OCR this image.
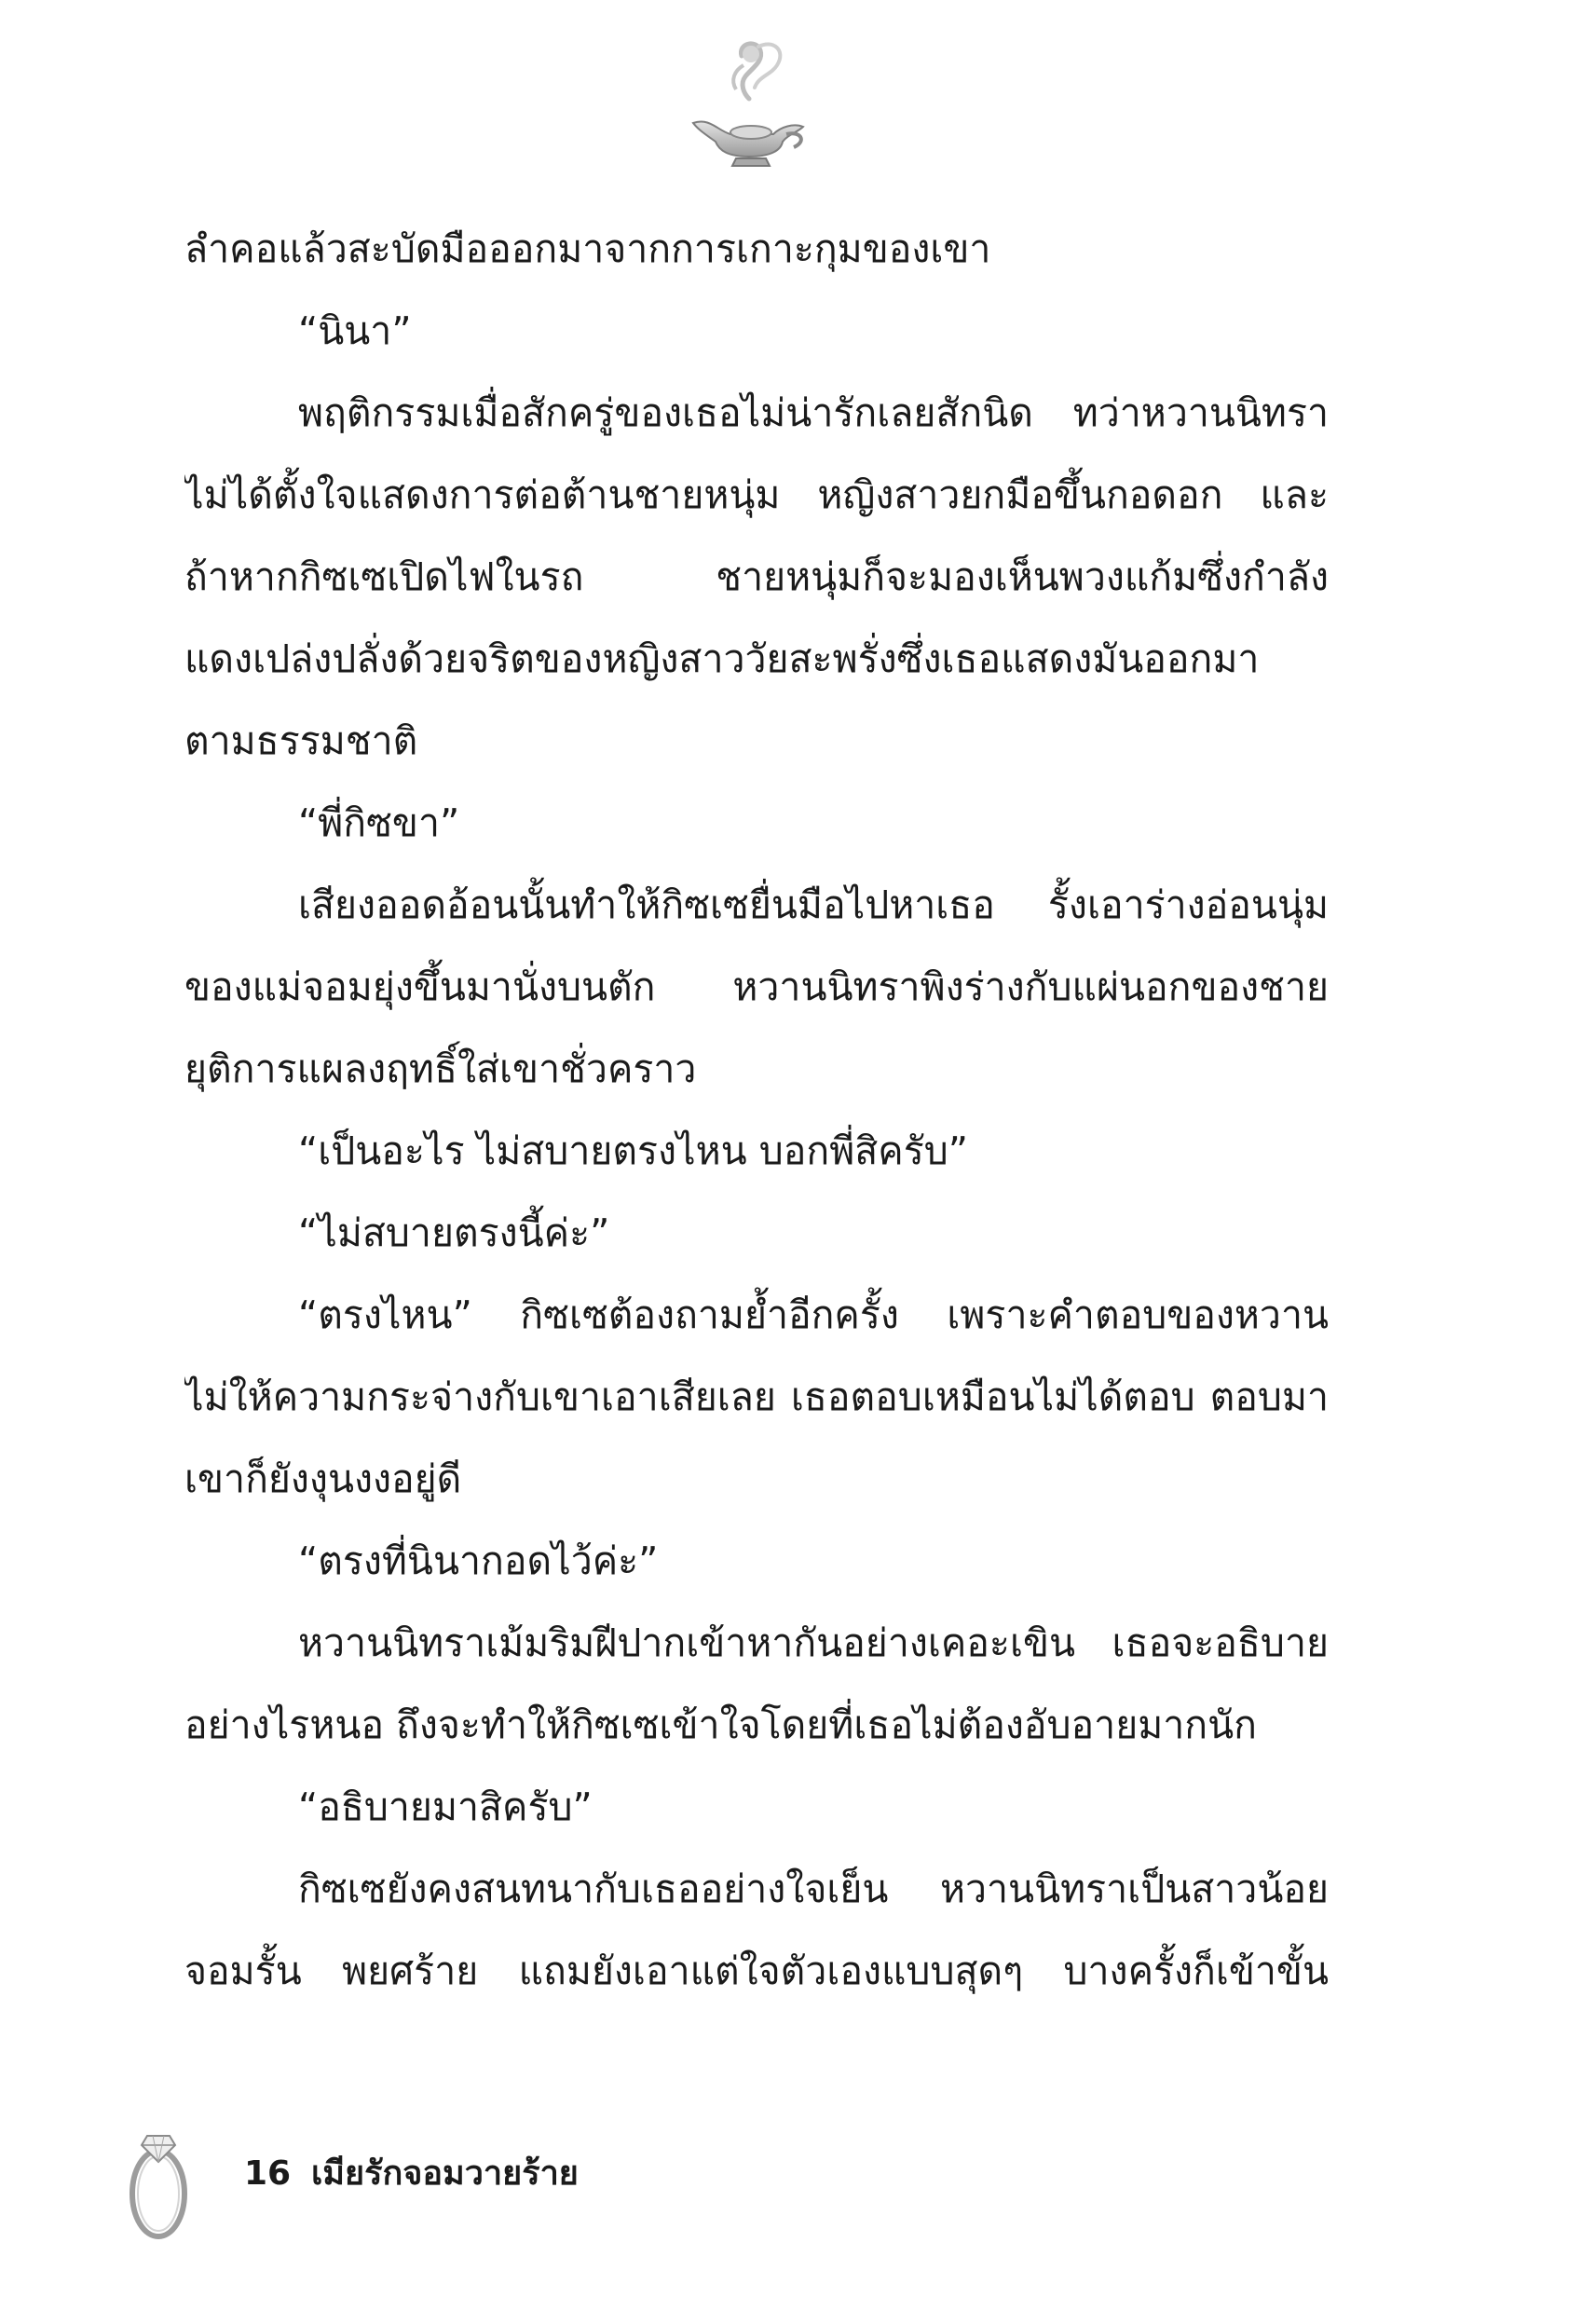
ลำคอแล้วสะบัดมือออกมาจากการเกาะกุมของเขา
“นินา”
พฤติกรรมเมื่อสักครู่ของเธอไม่น่ารักเลยสักนิด ทว่าหวานนิทรา
ไม่ได้ตั้งใจแสดงการต่อต้านชายหนุ่ม หญิงสาวยกมือขึ้นกอดอก และ
ถ้าหากกิซเซเปิดไฟในรถ ชายหนุ่มก็จะมองเห็นพวงแก้มซึ่งกำลัง
แดงเปล่งปลั่งด้วยจริตของหญิงสาววัยสะพรั่งซึ่งเธอแสดงมันออกมา
ตามธรรมชาติ
“พี่กิซขา”
เสียงออดอ้อนนั้นทำให้กิซเซยื่นมือไปหาเธอ รั้งเอาร่างอ่อนนุ่ม
ของแม่จอมยุ่งขึ้นมานั่งบนตัก หวานนิทราพิงร่างกับแผ่นอกของชาย
ยุติการแผลงฤทธิ์ใส่เขาชั่วคราว
“เป็นอะไร ไม่สบายตรงไหน บอกพี่สิครับ”
“ไม่สบายตรงนี้ค่ะ”
“ตรงไหน” กิซเซต้องถามย้ำอีกครั้ง เพราะคำตอบของหวาน
ไม่ให้ความกระจ่างกับเขาเอาเสียเลย เธอตอบเหมือนไม่ได้ตอบ ตอบมา
เขาก็ยังงุนงงอยู่ดี
“ตรงที่นินากอดไว้ค่ะ”
หวานนิทราเม้มริมฝีปากเข้าหากันอย่างเคอะเขิน เธอจะอธิบาย
อย่างไรหนอ ถึงจะทำให้กิซเซเข้าใจโดยที่เธอไม่ต้องอับอายมากนัก
“อธิบายมาสิครับ”
กิซเซยังคงสนทนากับเธออย่างใจเย็น หวานนิทราเป็นสาวน้อย
จอมรั้น พยศร้าย แถมยังเอาแต่ใจตัวเองแบบสุดๆ บางครั้งก็เข้าขั้น
16 เมียรักจอมวายร้าย
